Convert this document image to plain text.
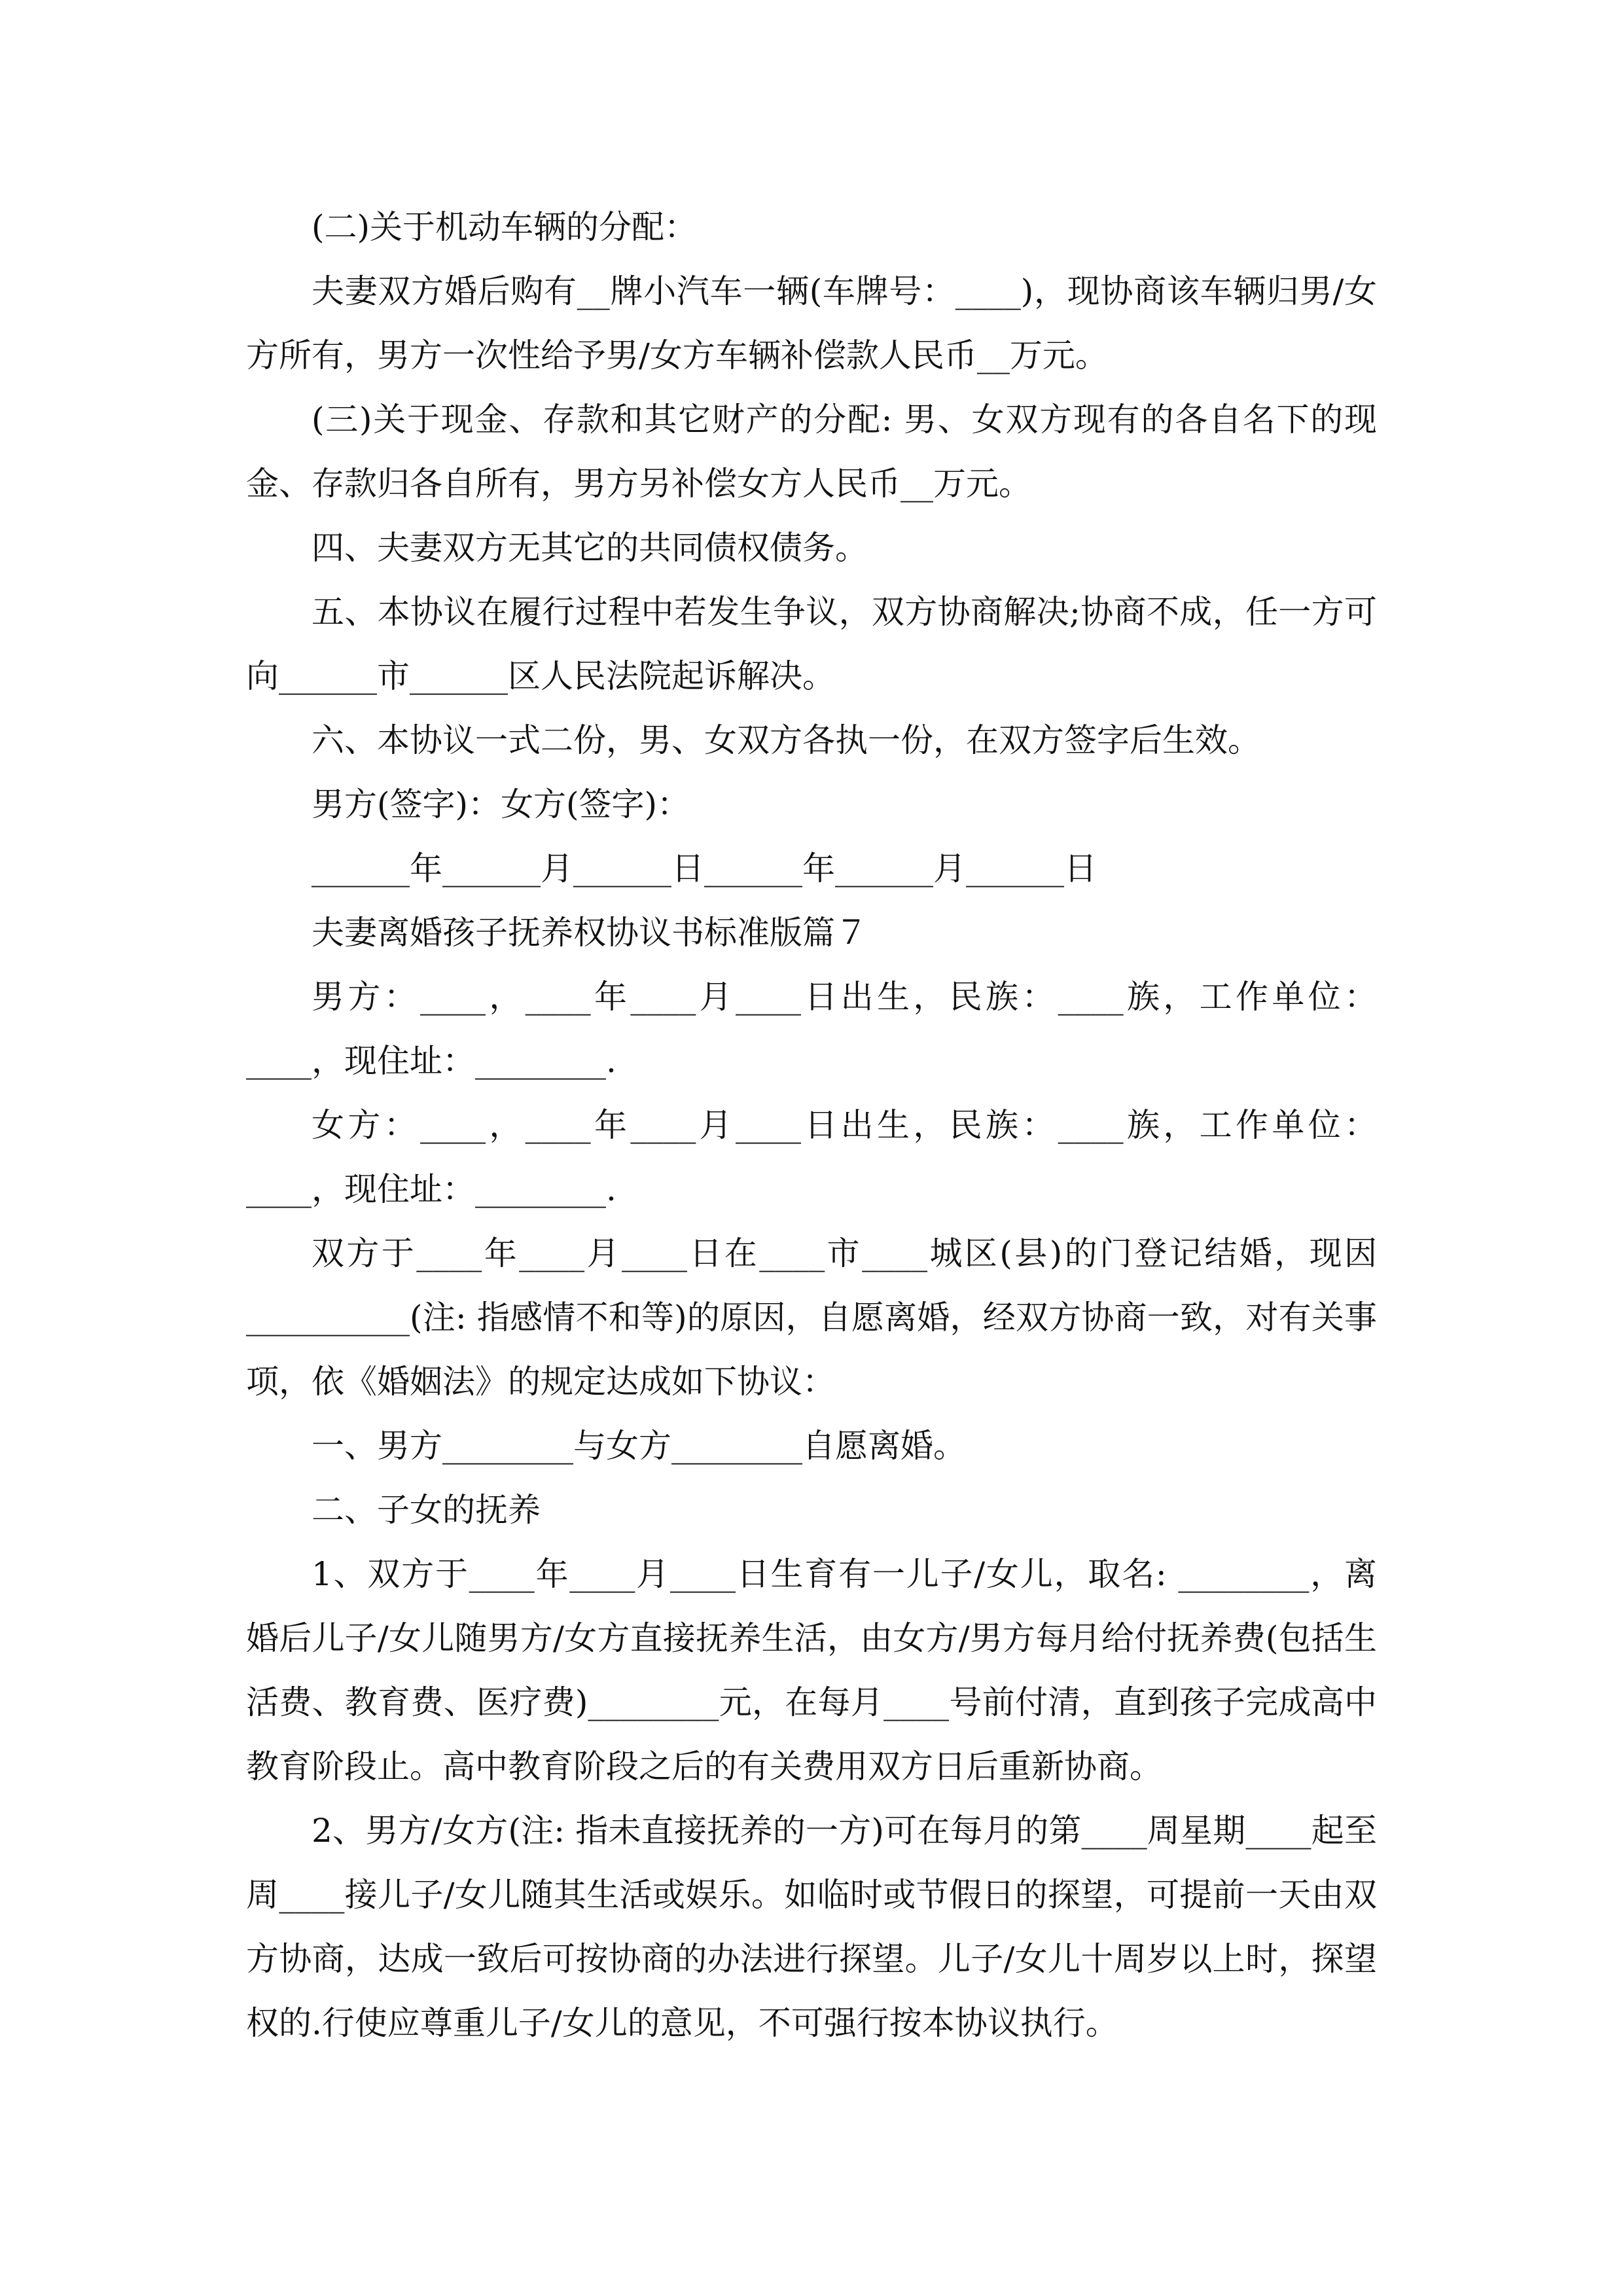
(二)关于机动车辆的分配：

夫妻双方婚后购有__牌小汽车一辆(车牌号：____)，现协商该车辆归男/女方所有，男方一次性给予男/女方车辆补偿款人民币__万元。

(三)关于现金、存款和其它财产的分配: 男、女双方现有的各自名下的现金、存款归各自所有，男方另补偿女方人民币__万元。

四、夫妻双方无其它的共同债权债务。

五、本协议在履行过程中若发生争议，双方协商解决;协商不成，任一方可向______市______区人民法院起诉解决。

六、本协议一式二份，男、女双方各执一份，在双方签字后生效。

男方(签字)：女方(签字)：

______年______月______日______年______月______日

夫妻离婚孩子抚养权协议书标准版篇７

男方：____，____年____月____日出生，民族：____族，工作单位：____，现住址：________.

女方：____，____年____月____日出生，民族：____族，工作单位：____，现住址：________.

双方于____年____月____日在____市____城区(县)的门登记结婚，现因__________(注: 指感情不和等)的原因，自愿离婚，经双方协商一致，对有关事项，依《婚姻法》的规定达成如下协议：

一、男方________与女方________自愿离婚。

二、子女的抚养

1、双方于____年____月____日生育有一儿子/女儿，取名: ________，离婚后儿子/女儿随男方/女方直接抚养生活，由女方/男方每月给付抚养费(包括生活费、教育费、医疗费)________元，在每月____号前付清，直到孩子完成高中教育阶段止。高中教育阶段之后的有关费用双方日后重新协商。

2、男方/女方(注: 指未直接抚养的一方)可在每月的第____周星期____起至周____接儿子/女儿随其生活或娱乐。如临时或节假日的探望，可提前一天由双方协商，达成一致后可按协商的办法进行探望。儿子/女儿十周岁以上时，探望权的.行使应尊重儿子/女儿的意见，不可强行按本协议执行。
